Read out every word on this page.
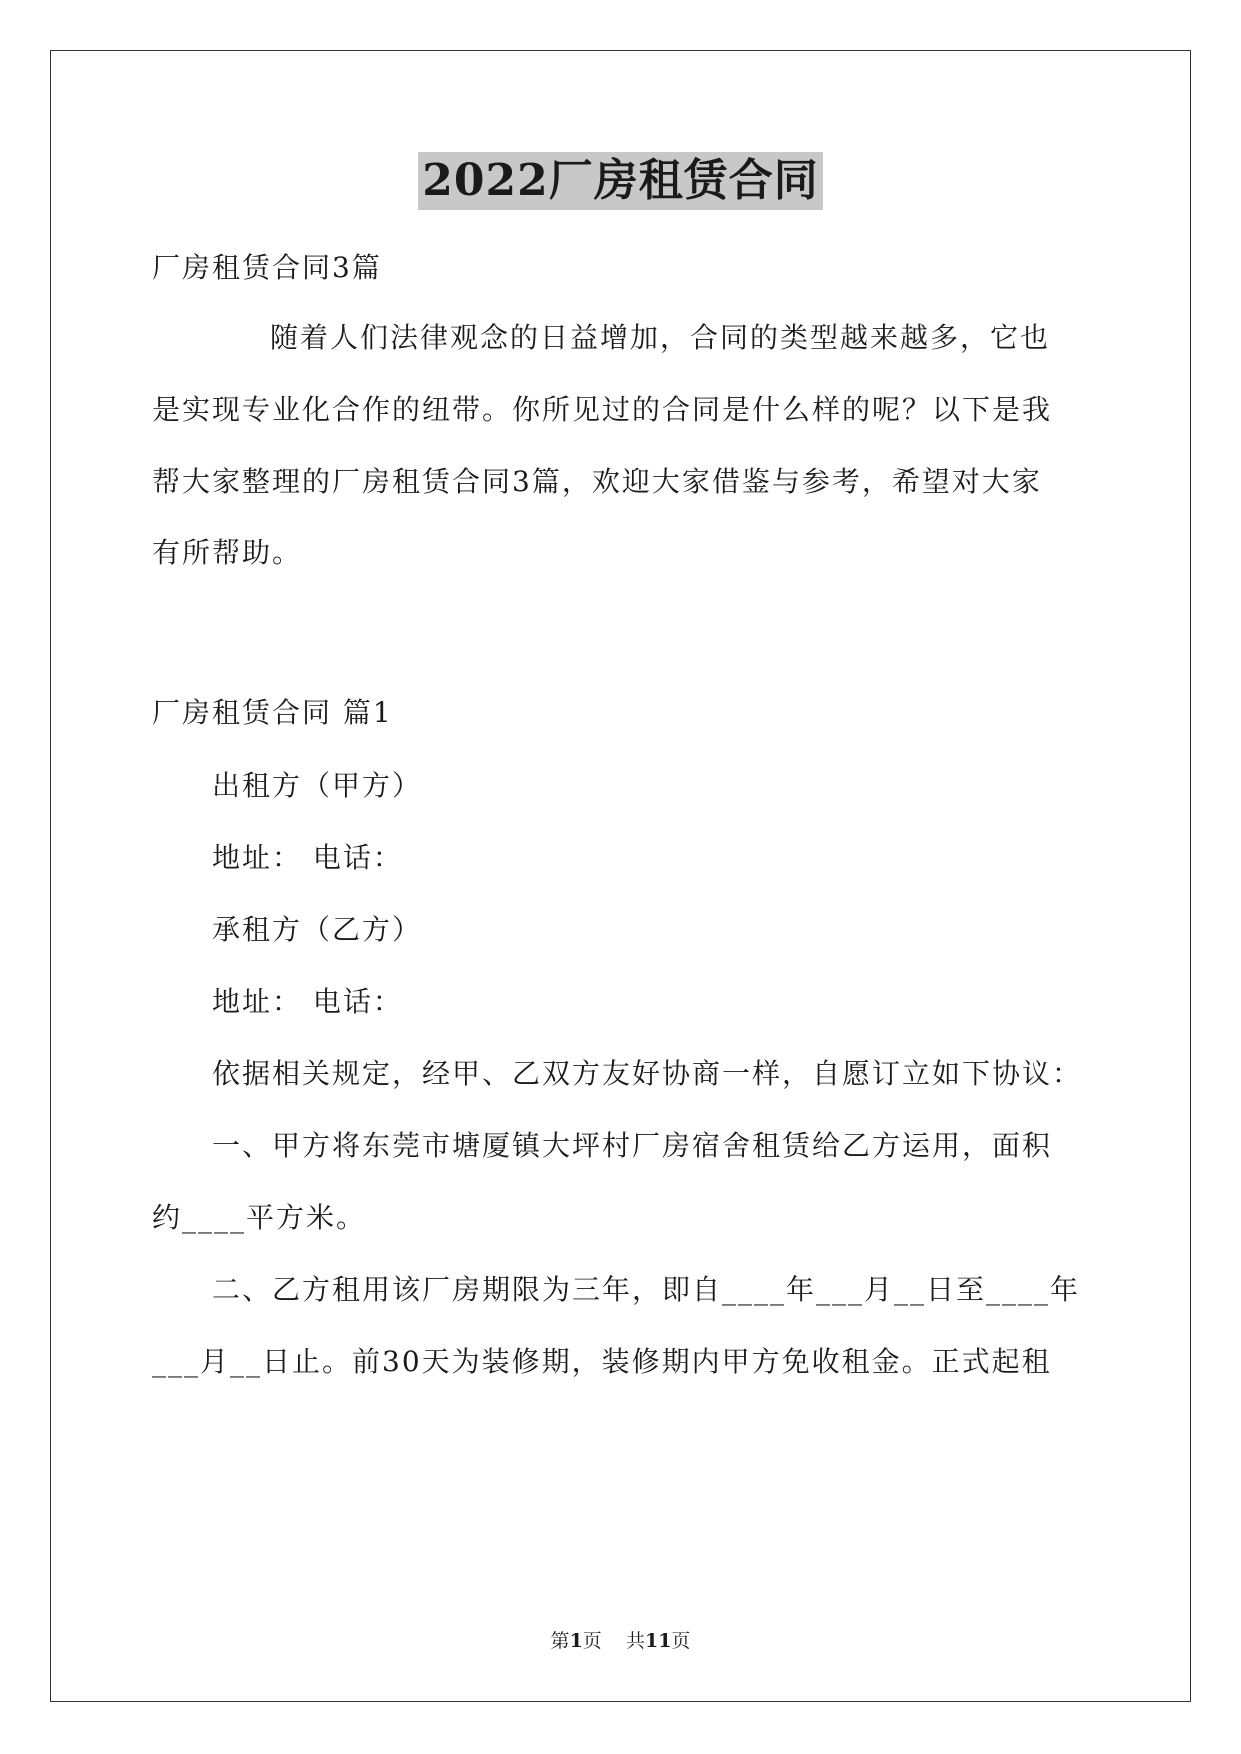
2022厂房租赁合同
厂房租赁合同3篇
随着人们法律观念的日益增加，合同的类型越来越多，它也
是实现专业化合作的纽带。你所见过的合同是什么样的呢？以下是我
帮大家整理的厂房租赁合同3篇，欢迎大家借鉴与参考，希望对大家
有所帮助。
厂房租赁合同 篇1
出租方（甲方）
地址： 电话：
承租方（乙方）
地址： 电话：
依据相关规定，经甲、乙双方友好协商一样，自愿订立如下协议：
一、甲方将东莞市塘厦镇大坪村厂房宿舍租赁给乙方运用，面积
约____平方米。
二、乙方租用该厂房期限为三年，即自____年___月__日至____年
___月__日止。前30天为装修期，装修期内甲方免收租金。正式起租
第1页    共11页
